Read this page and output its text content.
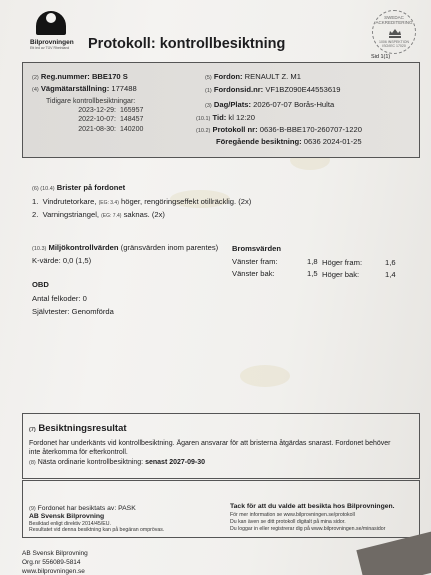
Bilprovningen
Ett led av TÜV Rheinland Protokoll: kontrollbesiktning
SWEDAC ACKREDITERING
1006 INSPEKTION ISO/IEC 17020
Sid 1(1)
(2) Reg.nummer: BBE170 S
(4) Vägmätarställning: 177488
Tidigare kontrollbesiktningar:
2023-12-29: 165957
2022-10-07: 148457
2021-08-30: 140200
(5) Fordon: RENAULT Z. M1
(1) Fordonsid.nr: VF1BZ090E44553619
(3) Dag/Plats: 2026-07-07 Borås-Hulta
(10.1) Tid: kl 12:20
(10.2) Protokoll nr: 0636-B-BBE170-260707-1220
Föregående besiktning: 0636 2024-01-25
(6) (10.4) Brister på fordonet
1. Vindrutetorkare, (EG: 3.4) höger, rengöringseffekt otillräcklig. (2x)
2. Varningstriangel, (EG: 7.4) saknas. (2x)
(10.3) Miljökontrollvärden (gränsvärden inom parentes)
K-värde: 0,0 (1,5)
Bromsvärden
Vänster fram:	1,8 Höger fram:	1,6
Vänster bak:	1,5 Höger bak:	1,4
OBD
Antal felkoder: 0
Självtester: Genomförda
(7) Besiktningsresultat
Fordonet har underkänts vid kontrollbesiktning. Ägaren ansvarar för att bristerna åtgärdas snarast. Fordonet behöver
inte återkomma för efterkontroll.
(8) Nästa ordinarie kontrollbesiktning: senast 2027-09-30
(9) Fordonet har besiktats av: PASK
AB Svensk Bilprovning
Besiktad enligt direktiv 2014/45/EU.
Resultatet vid denna besiktning kan på begäran omprövas.
Tack för att du valde att besikta hos Bilprovningen.
För mer information se www.bilprovningen.se/protokoll
Du kan även se ditt protokoll digitalt på mina sidor.
Du loggar in eller registrerar dig på www.bilprovningen.se/minasidor
AB Svensk Bilprovning
Org.nr 556089-5814
www.bilprovningen.se
